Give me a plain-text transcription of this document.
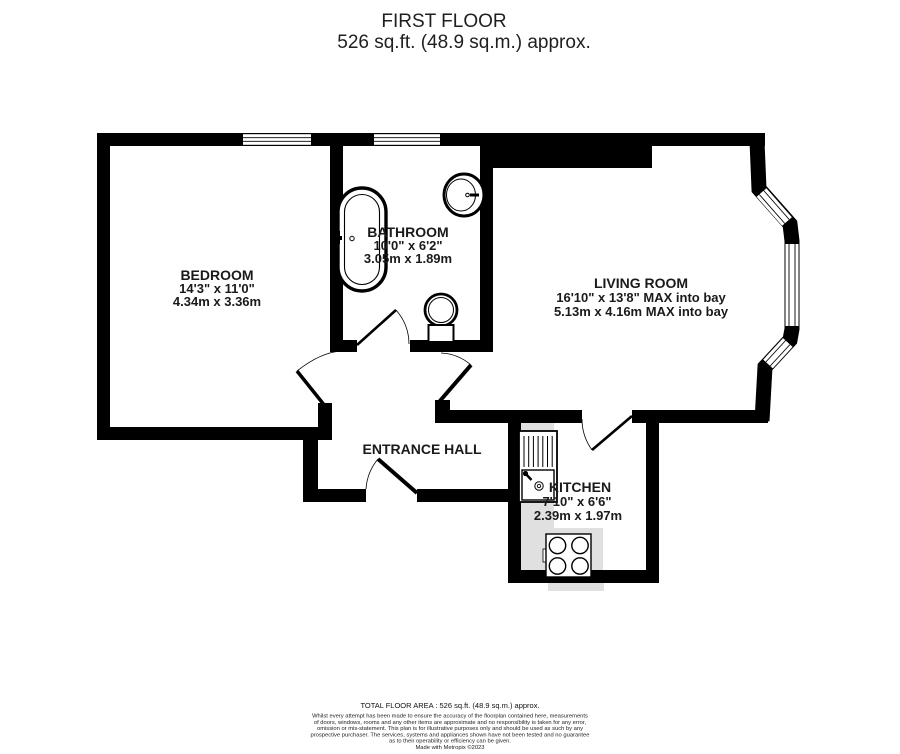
FIRST FLOOR
526 sq.ft. (48.9 sq.m.) approx.
BEDROOM
14'3" x 11'0"
4.34m x 3.36m
BATHROOM
10'0" x 6'2"
3.05m x 1.89m
LIVING ROOM
16'10" x 13'8" MAX into bay
5.13m x 4.16m MAX into bay
ENTRANCE HALL
KITCHEN
7'10" x 6'6"
2.39m x 1.97m
TOTAL FLOOR AREA : 526 sq.ft. (48.9 sq.m.) approx.
Whilst every attempt has been made to ensure the accuracy of the floorplan contained here, measurements
of doors, windows, rooms and any other items are approximate and no responsibility is taken for any error,
omission or mis-statement. This plan is for illustrative purposes only and should be used as such by any
prospective purchaser. The services, systems and appliances shown have not been tested and no guarantee
as to their operability or efficiency can be given.
Made with Metropix ©2023
